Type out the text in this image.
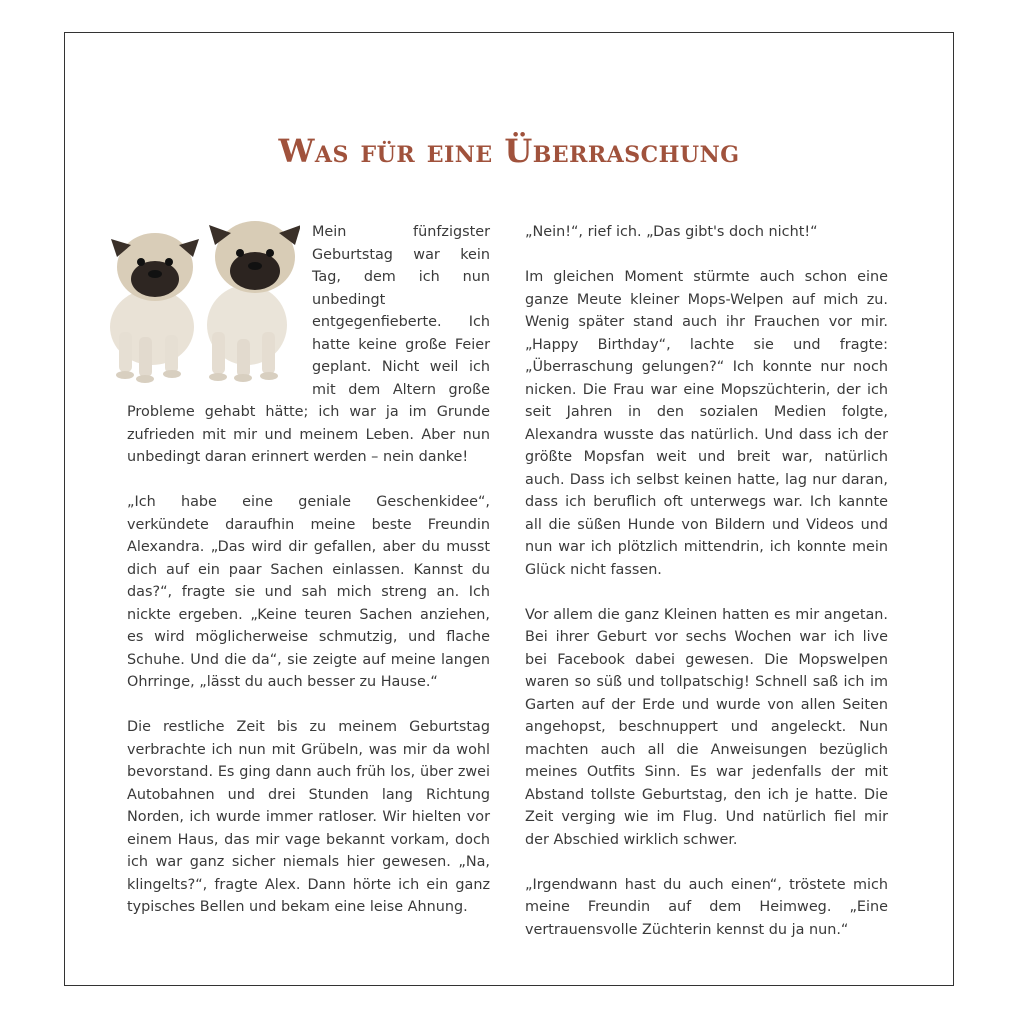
Was für eine Überraschung

Mein fünfzigster Geburtstag war kein Tag, dem ich nun unbedingt entgegenfieberte. Ich hatte keine große Feier geplant. Nicht weil ich mit dem Altern große Probleme gehabt hätte; ich war ja im Grunde zufrieden mit mir und meinem Leben. Aber nun unbedingt daran erinnert werden – nein danke!

„Ich habe eine geniale Geschenkidee“, verkündete daraufhin meine beste Freundin Alexandra. „Das wird dir gefallen, aber du musst dich auf ein paar Sachen einlassen. Kannst du das?“, fragte sie und sah mich streng an. Ich nickte ergeben. „Keine teuren Sachen anziehen, es wird möglicherweise schmutzig, und flache Schuhe. Und die da“, sie zeigte auf meine langen Ohrringe, „lässt du auch besser zu Hause.“

Die restliche Zeit bis zu meinem Geburtstag verbrachte ich nun mit Grübeln, was mir da wohl bevorstand. Es ging dann auch früh los, über zwei Autobahnen und drei Stunden lang Richtung Norden, ich wurde immer ratloser. Wir hielten vor einem Haus, das mir vage bekannt vorkam, doch ich war ganz sicher niemals hier gewesen. „Na, klingelts?“, fragte Alex. Dann hörte ich ein ganz typisches Bellen und bekam eine leise Ahnung.

„Nein!“, rief ich. „Das gibt's doch nicht!“

Im gleichen Moment stürmte auch schon eine ganze Meute kleiner Mops-Welpen auf mich zu. Wenig später stand auch ihr Frauchen vor mir. „Happy Birthday“, lachte sie und fragte: „Überraschung gelungen?“ Ich konnte nur noch nicken. Die Frau war eine Mopszüchterin, der ich seit Jahren in den sozialen Medien folgte, Alexandra wusste das natürlich. Und dass ich der größte Mopsfan weit und breit war, natürlich auch. Dass ich selbst keinen hatte, lag nur daran, dass ich beruflich oft unterwegs war. Ich kannte all die süßen Hunde von Bildern und Videos und nun war ich plötzlich mittendrin, ich konnte mein Glück nicht fassen.

Vor allem die ganz Kleinen hatten es mir angetan. Bei ihrer Geburt vor sechs Wochen war ich live bei Facebook dabei gewesen. Die Mopswelpen waren so süß und tollpatschig! Schnell saß ich im Garten auf der Erde und wurde von allen Seiten angehopst, beschnuppert und angeleckt. Nun machten auch all die Anweisungen bezüglich meines Outfits Sinn. Es war jedenfalls der mit Abstand tollste Geburtstag, den ich je hatte. Die Zeit verging wie im Flug. Und natürlich fiel mir der Abschied wirklich schwer.

„Irgendwann hast du auch einen“, tröstete mich meine Freundin auf dem Heimweg. „Eine vertrauensvolle Züchterin kennst du ja nun.“
